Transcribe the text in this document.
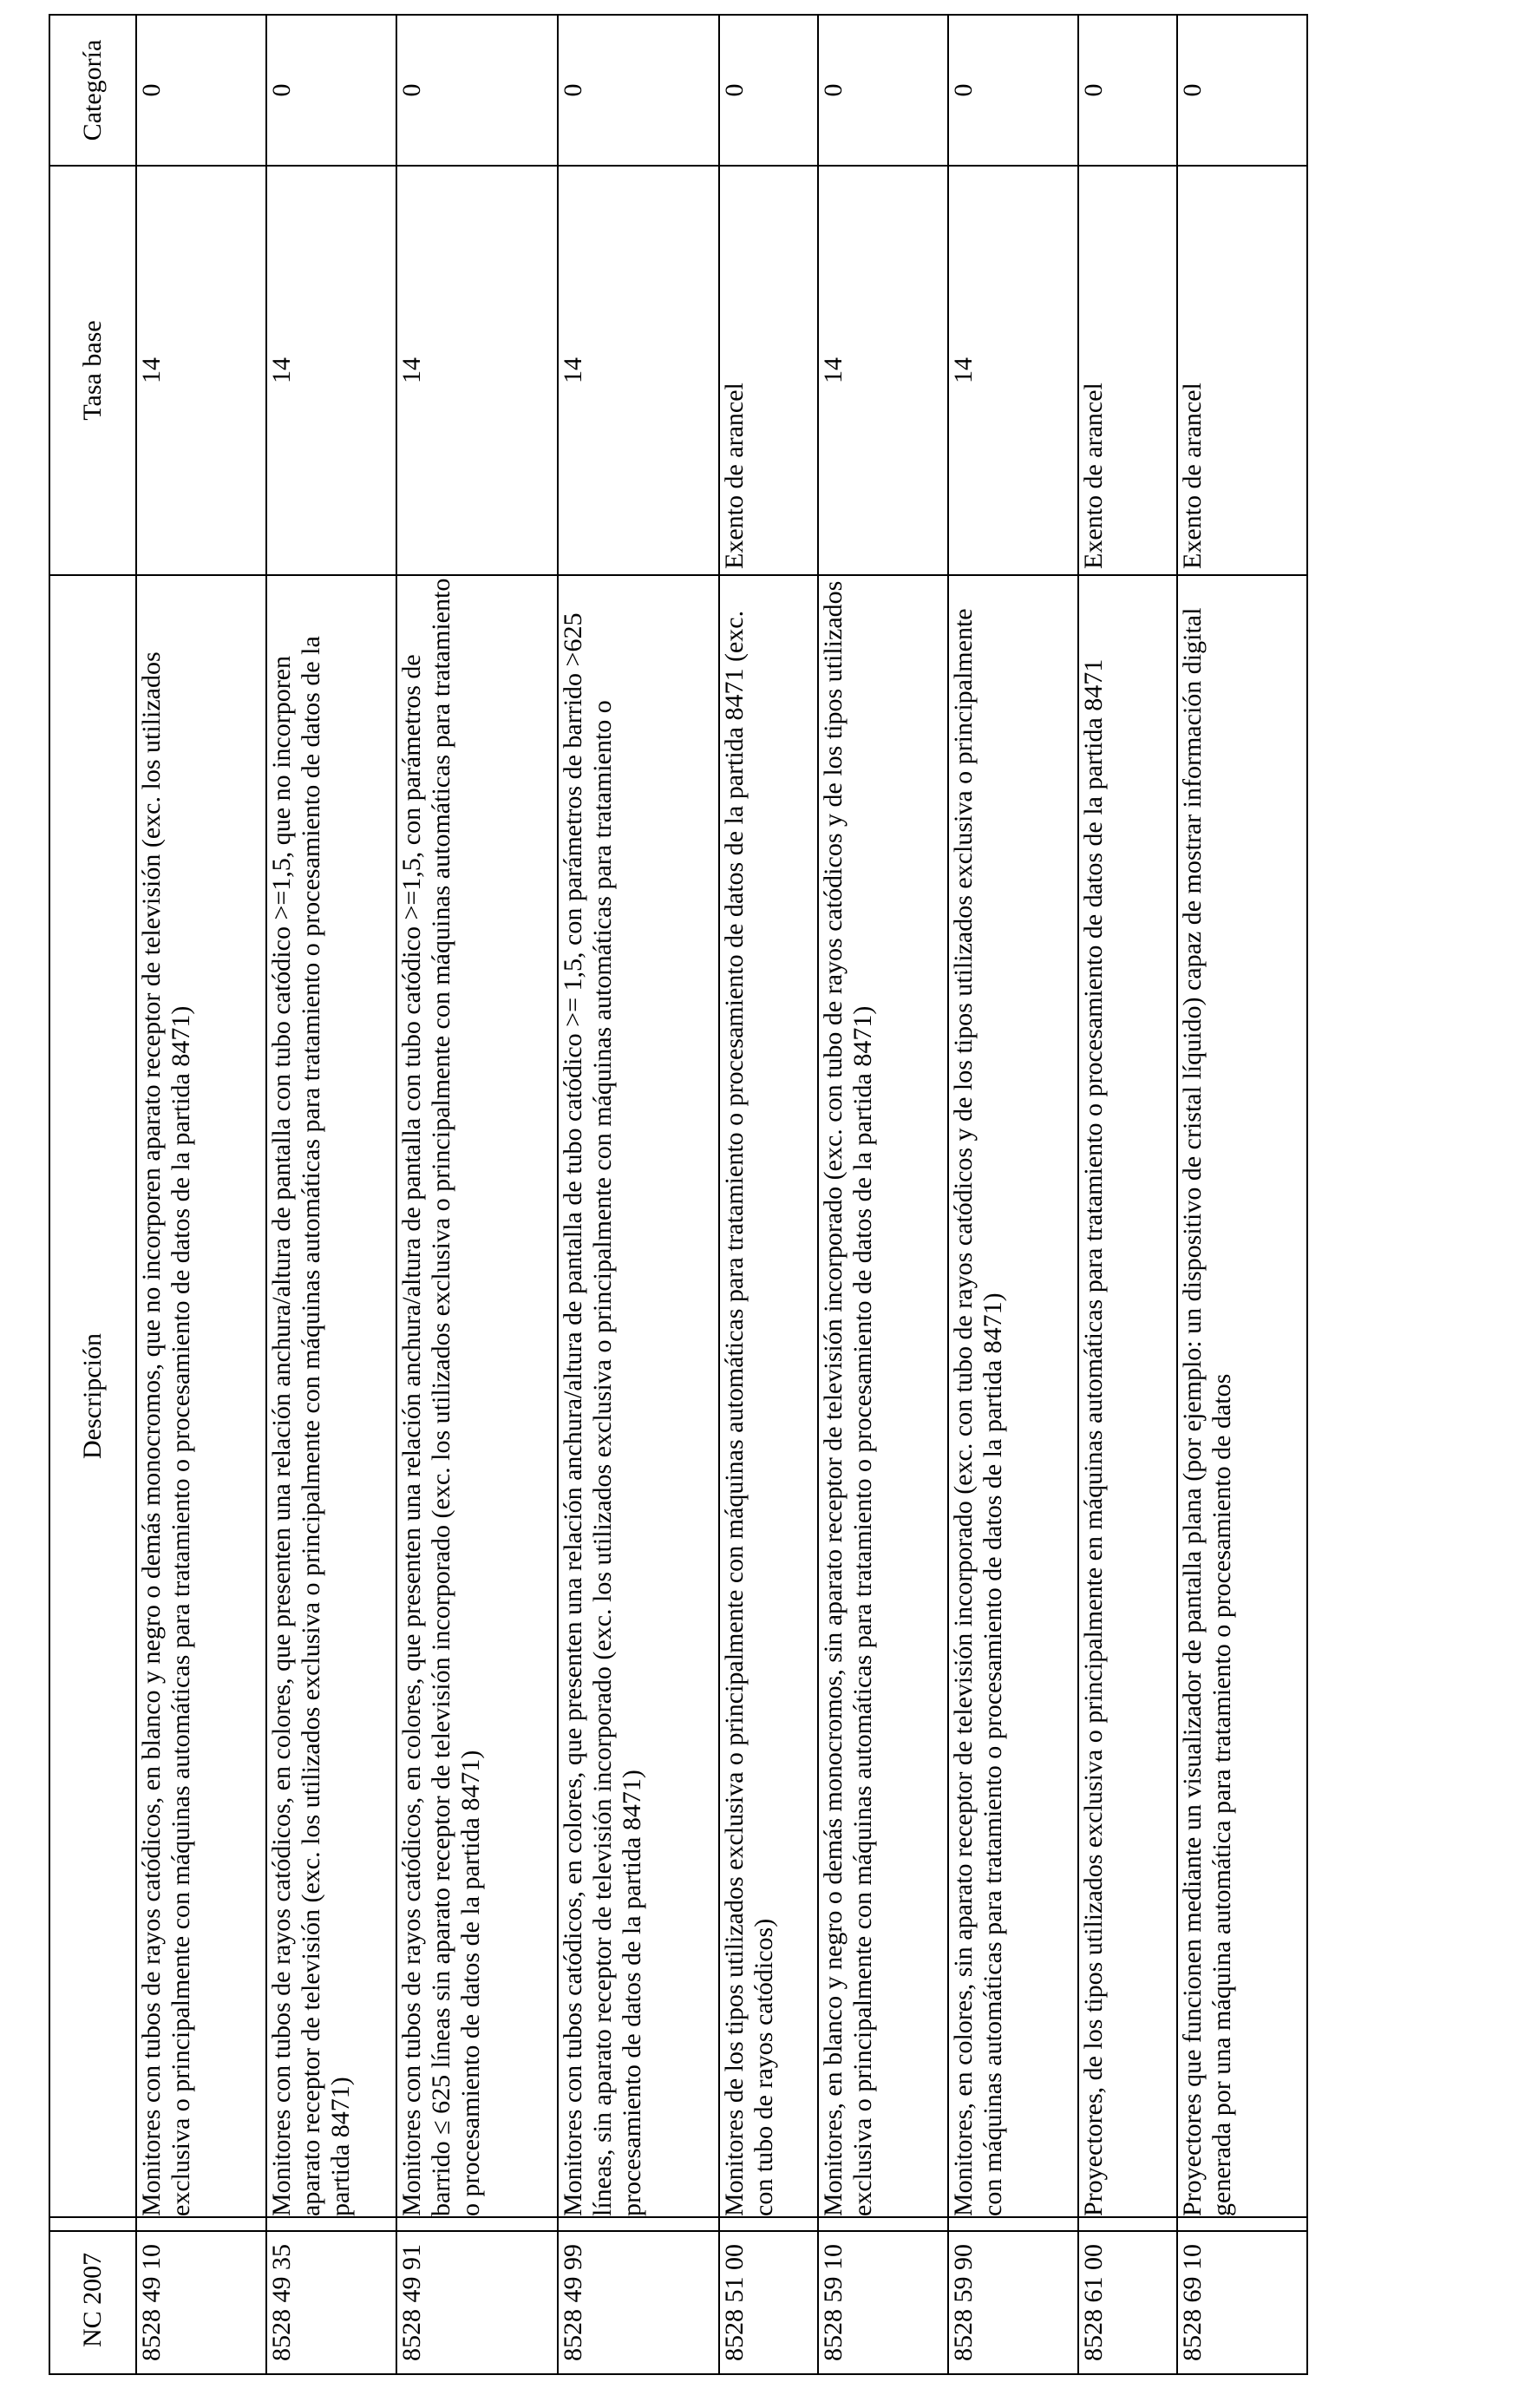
NC 2007		Descripción	Tasa base	Categoría
8528 49 10		Monitores con tubos de rayos catódicos, en blanco y negro o demás monocromos, que no incorporen aparato receptor de televisión (exc. los utilizados exclusiva o principalmente con máquinas automáticas para tratamiento o procesamiento de datos de la partida 8471)	14	0
8528 49 35		Monitores con tubos de rayos catódicos, en colores, que presenten una relación anchura/altura de pantalla con tubo catódico >=1,5, que no incorporen aparato receptor de televisión (exc. los utilizados exclusiva o principalmente con máquinas automáticas para tratamiento o procesamiento de datos de la partida 8471)	14	0
8528 49 91		Monitores con tubos de rayos catódicos, en colores, que presenten una relación anchura/altura de pantalla con tubo catódico >=1,5, con parámetros de barrido ≤ 625 líneas sin aparato receptor de televisión incorporado (exc. los utilizados exclusiva o principalmente con máquinas automáticas para tratamiento o procesamiento de datos de la partida 8471)	14	0
8528 49 99		Monitores con tubos catódicos, en colores, que presenten una relación anchura/altura de pantalla de tubo catódico >= 1,5, con parámetros de barrido >625 líneas, sin aparato receptor de televisión incorporado (exc. los utilizados exclusiva o principalmente con máquinas automáticas para tratamiento o procesamiento de datos de la partida 8471)	14	0
8528 51 00		Monitores de los tipos utilizados exclusiva o principalmente con máquinas automáticas para tratamiento o procesamiento de datos de la partida 8471 (exc. con tubo de rayos catódicos)	Exento de arancel	0
8528 59 10		Monitores, en blanco y negro o demás monocromos, sin aparato receptor de televisión incorporado (exc. con tubo de rayos catódicos y de los tipos utilizados exclusiva o principalmente con máquinas automáticas para tratamiento o procesamiento de datos de la partida 8471)	14	0
8528 59 90		Monitores, en colores, sin aparato receptor de televisión incorporado (exc. con tubo de rayos catódicos y de los tipos utilizados exclusiva o principalmente con máquinas automáticas para tratamiento o procesamiento de datos de la partida 8471)	14	0
8528 61 00		Proyectores, de los tipos utilizados exclusiva o principalmente en máquinas automáticas para tratamiento o procesamiento de datos de la partida 8471	Exento de arancel	0
8528 69 10		Proyectores que funcionen mediante un visualizador de pantalla plana (por ejemplo: un dispositivo de cristal líquido) capaz de mostrar información digital generada por una máquina automática para tratamiento o procesamiento de datos	Exento de arancel	0
